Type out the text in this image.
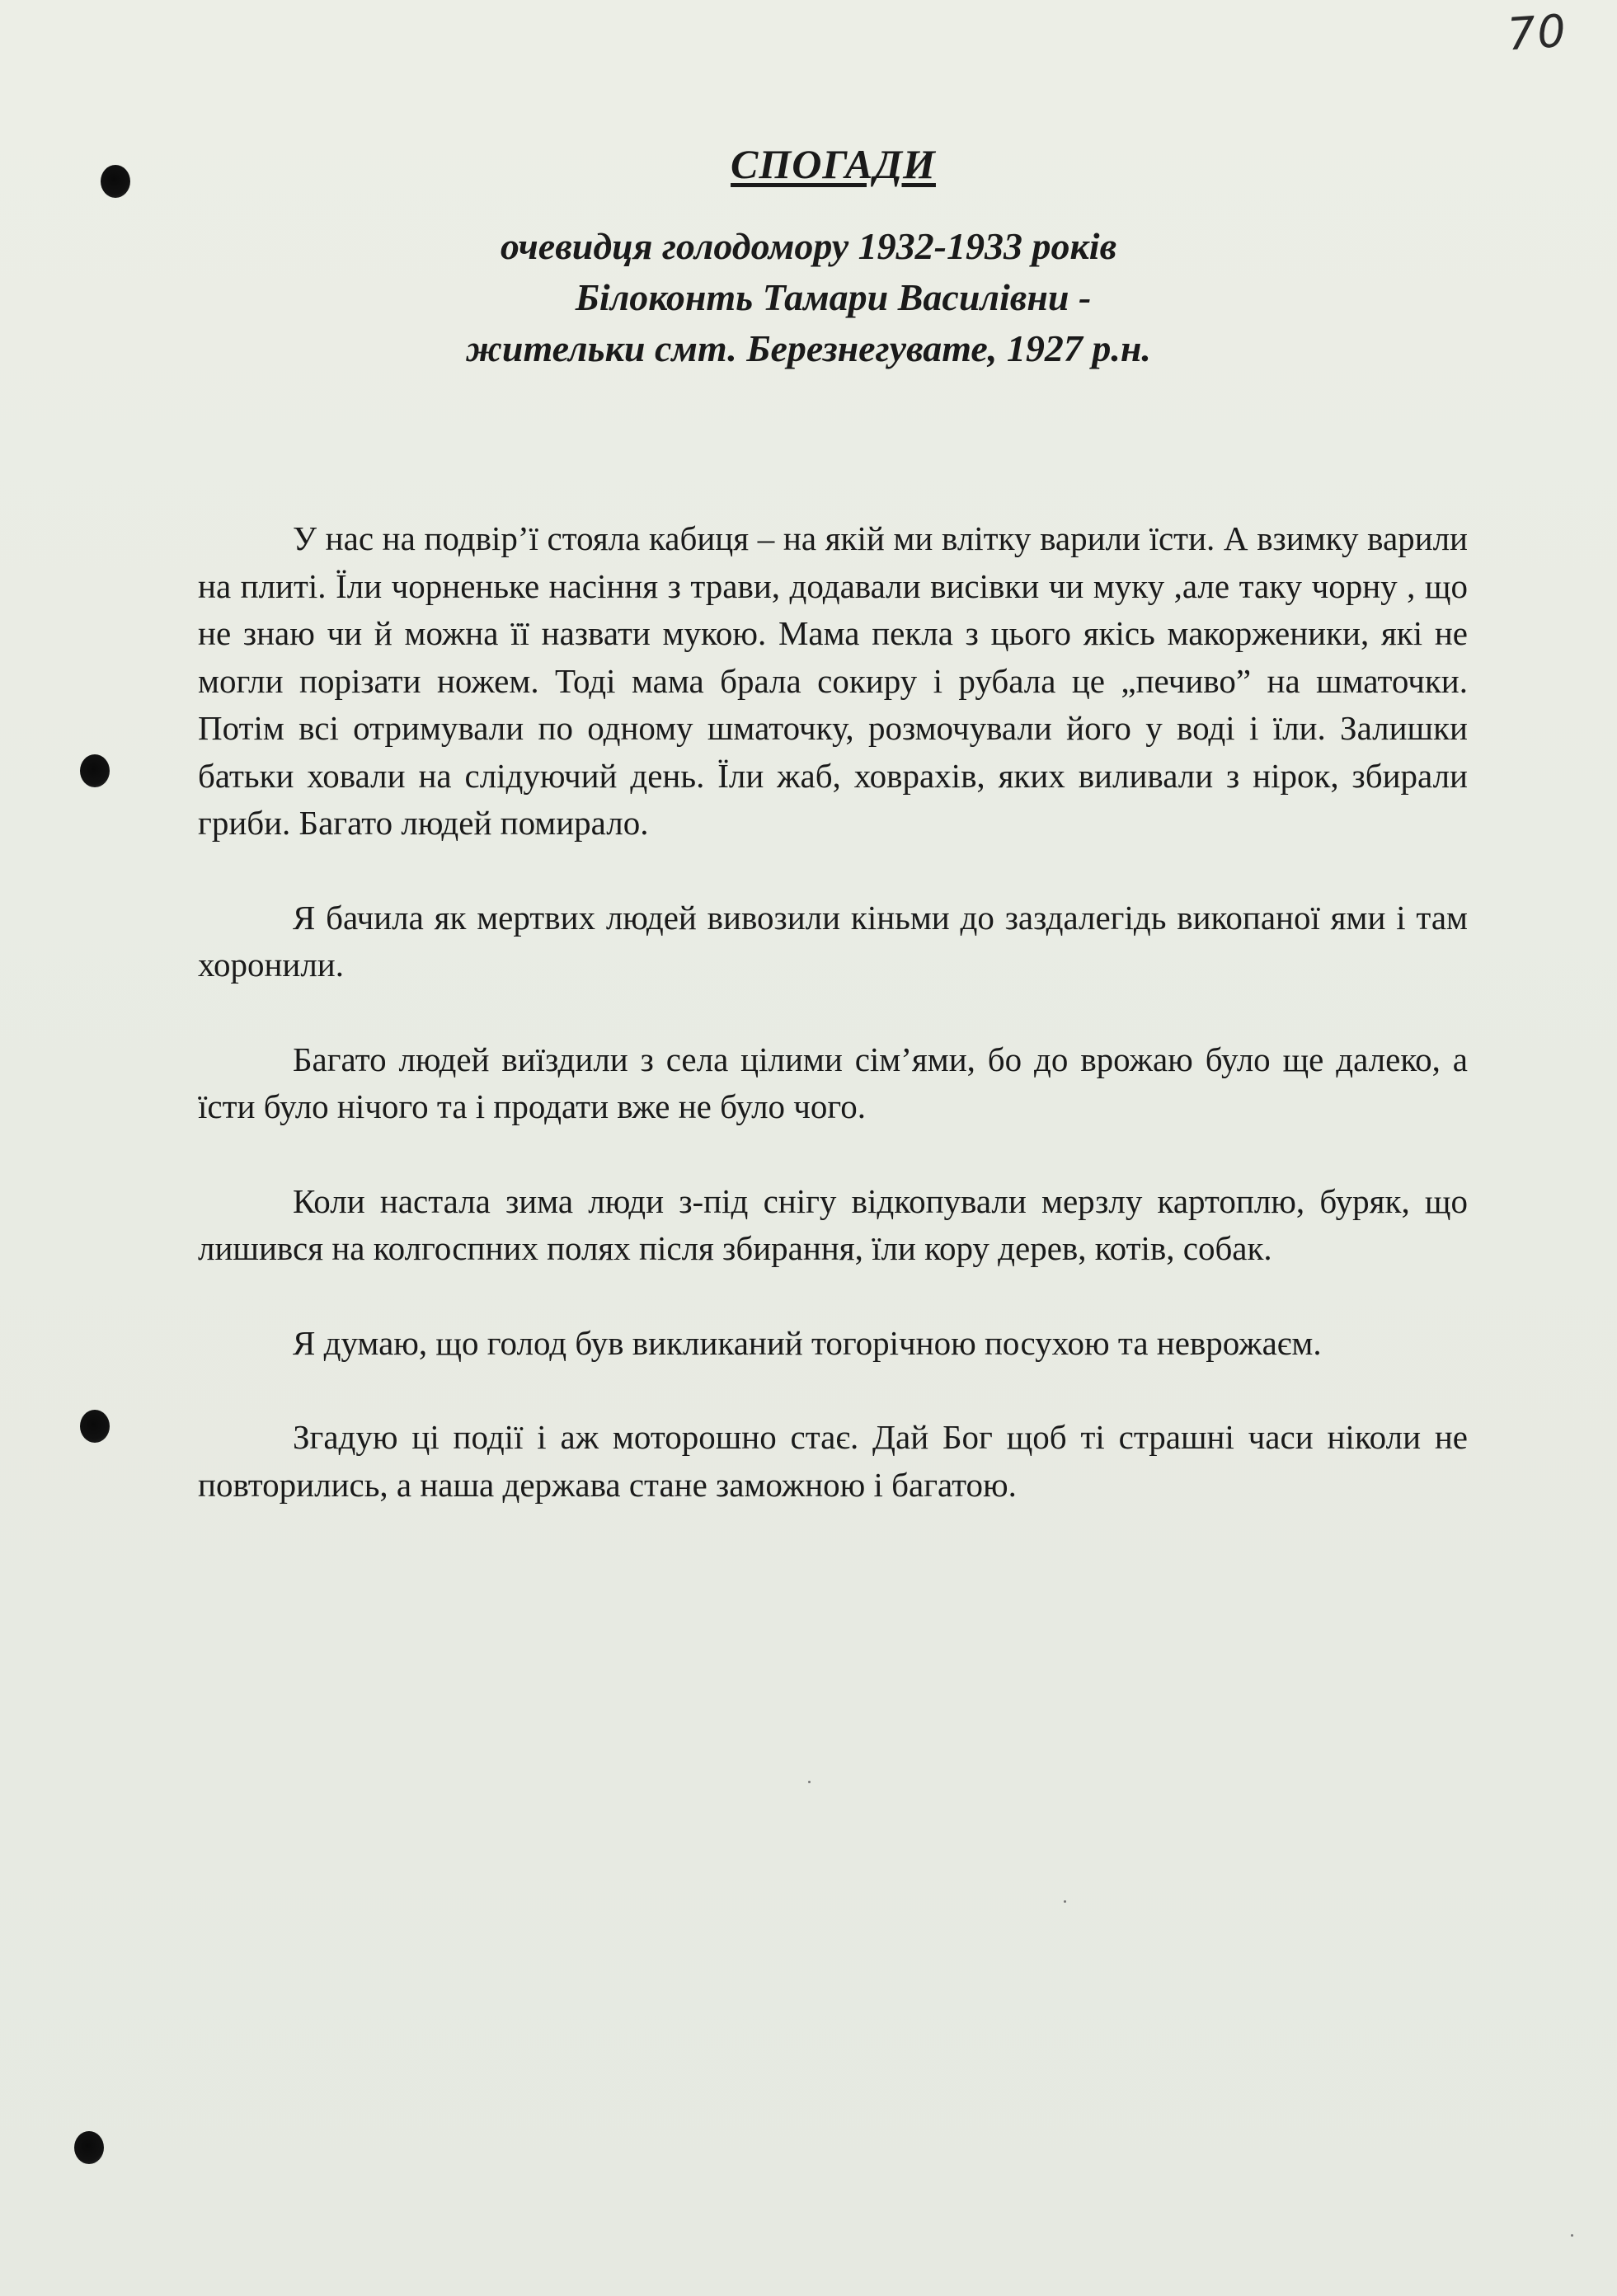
70
СПОГАДИ
очевидця голодомору 1932-1933 років
Білоконть Тамари Василівни -
жительки смт. Березнегувате, 1927 р.н.

У нас на подвір’ї стояла кабиця – на якій ми влітку варили їсти. А взимку варили на плиті. Їли чорненьке насіння з трави, додавали висівки чи муку ,але таку чорну , що не знаю чи й можна її назвати мукою. Мама пекла з цього якісь макорженики, які не могли порізати ножем. Тоді мама брала сокиру і рубала це „печиво” на шматочки. Потім всі отримували по одному шматочку, розмочували його у воді і їли. Залишки батьки ховали на слідуючий день. Їли жаб, ховрахів, яких виливали з нірок, збирали гриби. Багато людей помирало.

Я бачила як мертвих людей вивозили кіньми до заздалегідь викопаної ями і там хоронили.

Багато людей виїздили з села цілими сім’ями, бо до врожаю було ще далеко, а їсти було нічого та і продати вже не було чого.

Коли настала зима люди з-під снігу відкопували мерзлу картоплю, буряк, що лишився на колгоспних полях після збирання, їли кору дерев, котів, собак.

Я думаю, що голод був викликаний тогорічною посухою та неврожаєм.

Згадую ці події і аж моторошно стає. Дай Бог щоб ті страшні часи ніколи не повторились, а наша держава стане заможною і багатою.
